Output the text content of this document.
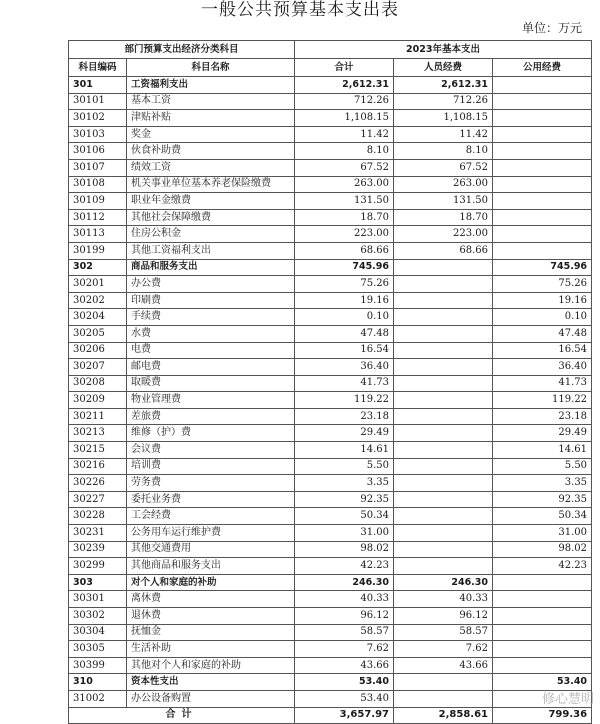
一般公共预算基本支出表
单位：万元
部门预算支出经济分类科目		2023年基本支出		
科目编码	科目名称	合计	人员经费	公用经费
301	工资福利支出	2,612.31	2,612.31	
30101	基本工资	712.26	712.26	
30102	津贴补贴	1,108.15	1,108.15	
30103	奖金	11.42	11.42	
30106	伙食补助费	8.10	8.10	
30107	绩效工资	67.52	67.52	
30108	机关事业单位基本养老保险缴费	263.00	263.00	
30109	职业年金缴费	131.50	131.50	
30112	其他社会保障缴费	18.70	18.70	
30113	住房公积金	223.00	223.00	
30199	其他工资福利支出	68.66	68.66	
302	商品和服务支出	745.96		745.96
30201	办公费	75.26		75.26
30202	印刷费	19.16		19.16
30204	手续费	0.10		0.10
30205	水费	47.48		47.48
30206	电费	16.54		16.54
30207	邮电费	36.40		36.40
30208	取暖费	41.73		41.73
30209	物业管理费	119.22		119.22
30211	差旅费	23.18		23.18
30213	维修（护）费	29.49		29.49
30215	会议费	14.61		14.61
30216	培训费	5.50		5.50
30226	劳务费	3.35		3.35
30227	委托业务费	92.35		92.35
30228	工会经费	50.34		50.34
30231	公务用车运行维护费	31.00		31.00
30239	其他交通费用	98.02		98.02
30299	其他商品和服务支出	42.23		42.23
303	对个人和家庭的补助	246.30	246.30	
30301	离休费	40.33	40.33	
30302	退休费	96.12	96.12	
30304	抚恤金	58.57	58.57	
30305	生活补助	7.62	7.62	
30399	其他对个人和家庭的补助	43.66	43.66	
310	资本性支出	53.40		53.40
31002	办公设备购置	53.40		
合计		3,657.97	2,858.61	799.36
修心慧明
